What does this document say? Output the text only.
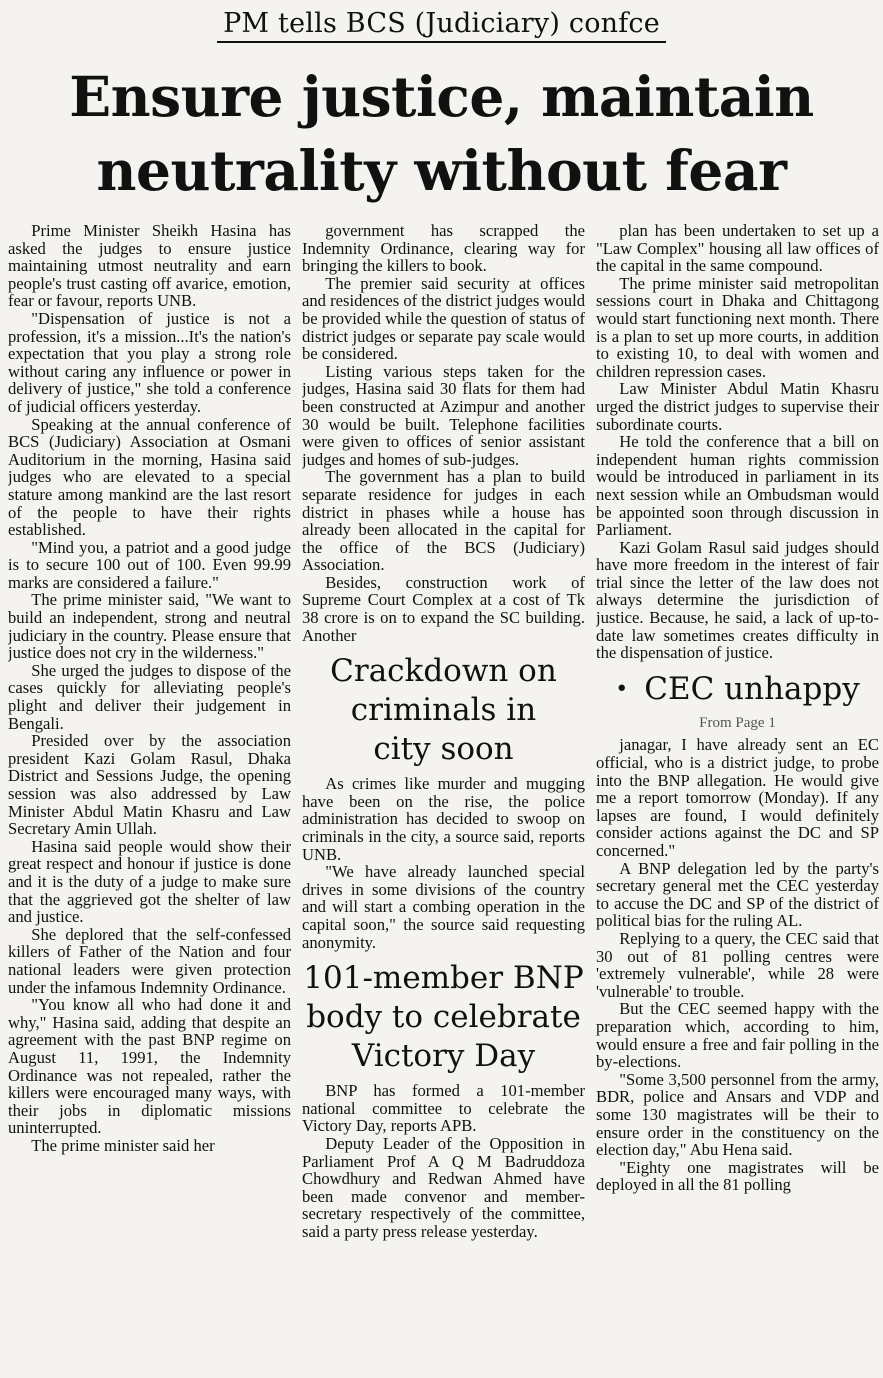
PM tells BCS (Judiciary) confce
Ensure justice, maintain
neutrality without fear

Prime Minister Sheikh Hasina has asked the judges to ensure justice maintaining utmost neutrality and earn people's trust casting off avarice, emotion, fear or favour, reports UNB.

"Dispensation of justice is not a profession, it's a mission...It's the nation's expectation that you play a strong role without caring any influence or power in delivery of justice," she told a conference of judicial officers yesterday.

Speaking at the annual conference of BCS (Judiciary) Association at Osmani Auditorium in the morning, Hasina said judges who are elevated to a special stature among mankind are the last resort of the people to have their rights established.

"Mind you, a patriot and a good judge is to secure 100 out of 100. Even 99.99 marks are considered a failure."

The prime minister said, "We want to build an independent, strong and neutral judiciary in the country. Please ensure that justice does not cry in the wilderness."

She urged the judges to dispose of the cases quickly for alleviating people's plight and deliver their judgement in Bengali.

Presided over by the association president Kazi Golam Rasul, Dhaka District and Sessions Judge, the opening session was also addressed by Law Minister Abdul Matin Khasru and Law Secretary Amin Ullah.

Hasina said people would show their great respect and honour if justice is done and it is the duty of a judge to make sure that the aggrieved got the shelter of law and justice.

She deplored that the self-confessed killers of Father of the Nation and four national leaders were given protection under the infamous Indemnity Ordinance.

"You know all who had done it and why," Hasina said, adding that despite an agreement with the past BNP regime on August 11, 1991, the Indemnity Ordinance was not repealed, rather the killers were encouraged many ways, with their jobs in diplomatic missions uninterrupted.

The prime minister said her

government has scrapped the Indemnity Ordinance, clearing way for bringing the killers to book.

The premier said security at offices and residences of the district judges would be provided while the question of status of district judges or separate pay scale would be considered.

Listing various steps taken for the judges, Hasina said 30 flats for them had been constructed at Azimpur and another 30 would be built. Telephone facilities were given to offices of senior assistant judges and homes of sub-judges.

The government has a plan to build separate residence for judges in each district in phases while a house has already been allocated in the capital for the office of the BCS (Judiciary) Association.

Besides, construction work of Supreme Court Complex at a cost of Tk 38 crore is on to expand the SC building. Another

Crackdown on
criminals in
city soon

As crimes like murder and mugging have been on the rise, the police administration has decided to swoop on criminals in the city, a source said, reports UNB.

"We have already launched special drives in some divisions of the country and will start a combing operation in the capital soon," the source said requesting anonymity.

101-member BNP
body to celebrate
Victory Day

BNP has formed a 101-member national committee to celebrate the Victory Day, reports APB.

Deputy Leader of the Opposition in Parliament Prof A Q M Badruddoza Chowdhury and Redwan Ahmed have been made convenor and member-secretary respectively of the committee, said a party press release yesterday.

plan has been undertaken to set up a "Law Complex" housing all law offices of the capital in the same compound.

The prime minister said metropolitan sessions court in Dhaka and Chittagong would start functioning next month. There is a plan to set up more courts, in addition to existing 10, to deal with women and children repression cases.

Law Minister Abdul Matin Khasru urged the district judges to supervise their subordinate courts.

He told the conference that a bill on independent human rights commission would be introduced in parliament in its next session while an Ombudsman would be appointed soon through discussion in Parliament.

Kazi Golam Rasul said judges should have more freedom in the interest of fair trial since the letter of the law does not always determine the jurisdiction of justice. Because, he said, a lack of up-to-date law sometimes creates difficulty in the dispensation of justice.

• CEC unhappy
From Page 1

janagar, I have already sent an EC official, who is a district judge, to probe into the BNP allegation. He would give me a report tomorrow (Monday). If any lapses are found, I would definitely consider actions against the DC and SP concerned."

A BNP delegation led by the party's secretary general met the CEC yesterday to accuse the DC and SP of the district of political bias for the ruling AL.

Replying to a query, the CEC said that 30 out of 81 polling centres were 'extremely vulnerable', while 28 were 'vulnerable' to trouble.

But the CEC seemed happy with the preparation which, according to him, would ensure a free and fair polling in the by-elections.

"Some 3,500 personnel from the army, BDR, police and Ansars and VDP and some 130 magistrates will be their to ensure order in the constituency on the election day," Abu Hena said.

"Eighty one magistrates will be deployed in all the 81 polling
